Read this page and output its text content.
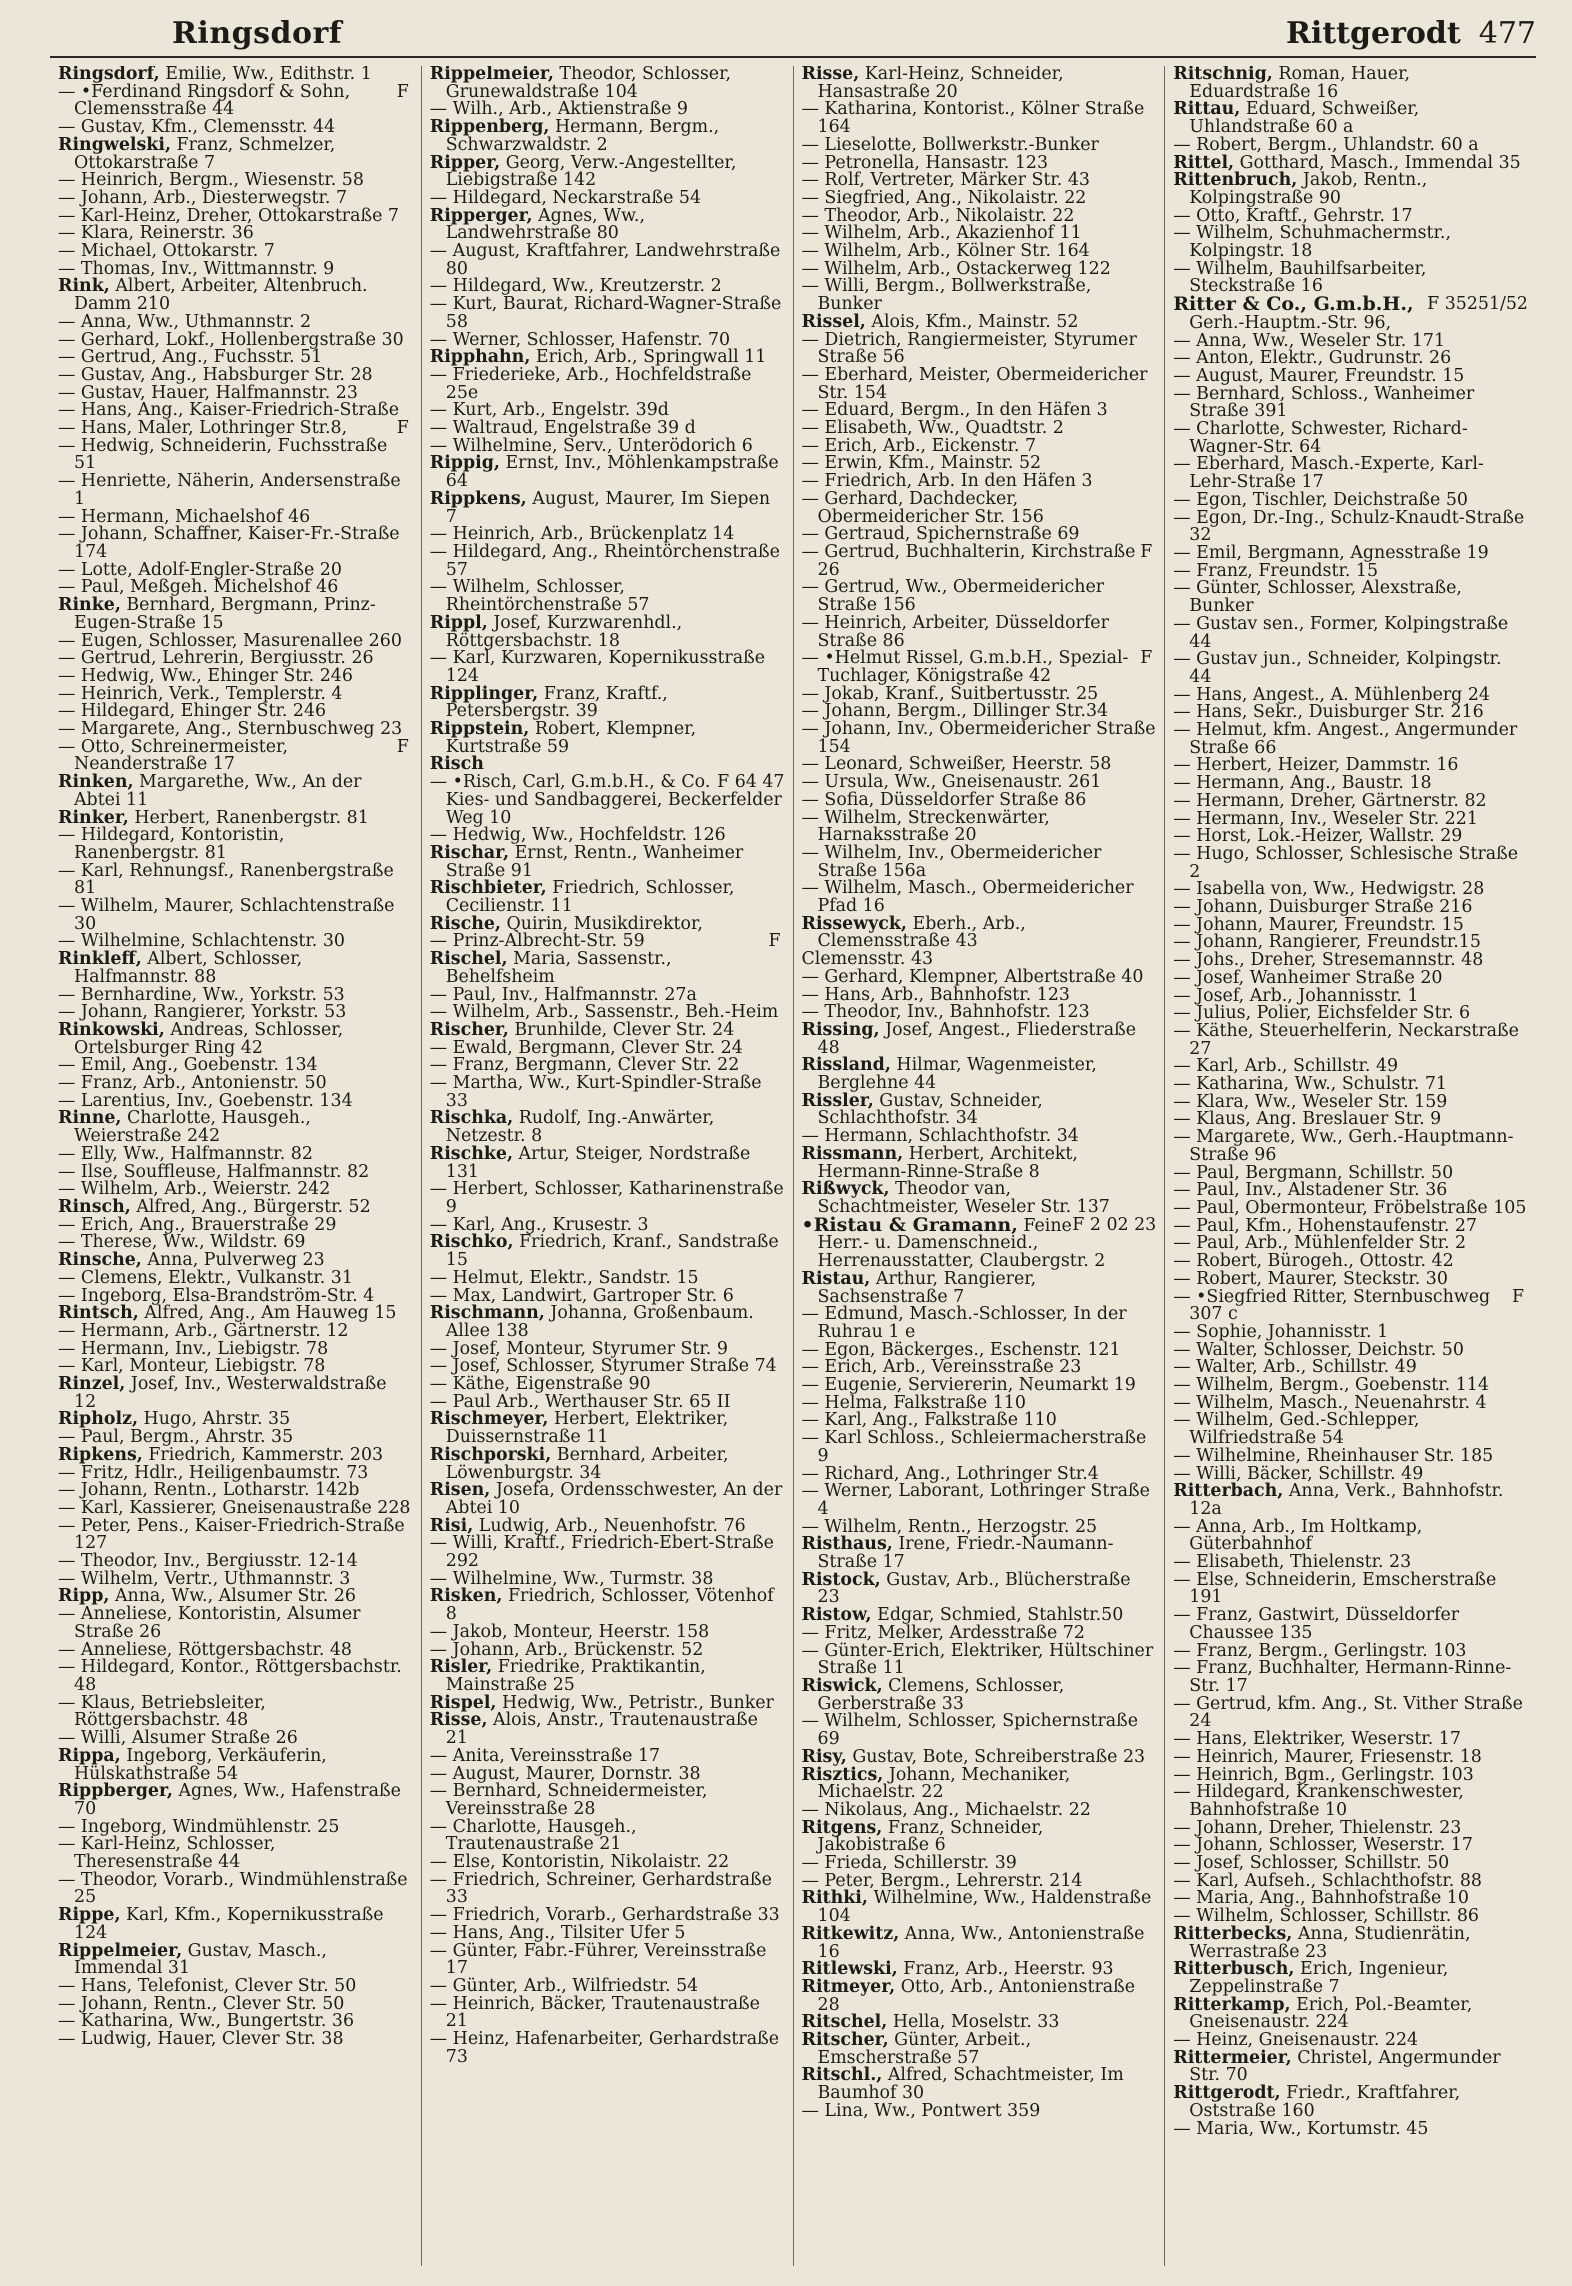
Ringsdorf	Rittgerodt 477

Ringsdorf, Emilie, Ww., Edithstr. 1

F
— •Ferdinand Ringsdorf & Sohn, Clemensstraße 44

— Gustav, Kfm., Clemensstr. 44

Ringwelski, Franz, Schmelzer, Ottokarstraße 7

— Heinrich, Bergm., Wiesenstr. 58

— Johann, Arb., Diesterwegstr. 7

— Karl-Heinz, Dreher, Ottokarstraße 7

— Klara, Reinerstr. 36

— Michael, Ottokarstr. 7

— Thomas, Inv., Wittmannstr. 9

Rink, Albert, Arbeiter, Altenbruch. Damm 210

— Anna, Ww., Uthmannstr. 2

— Gerhard, Lokf., Hollenbergstraße 30

— Gertrud, Ang., Fuchsstr. 51

— Gustav, Ang., Habsburger Str. 28

— Gustav, Hauer, Halfmannstr. 23

— Hans, Ang., Kaiser-Friedrich-Straße

F
— Hans, Maler, Lothringer Str.8,

— Hedwig, Schneiderin, Fuchsstraße 51

— Henriette, Näherin, Andersenstraße 1

— Hermann, Michaelshof 46

— Johann, Schaffner, Kaiser-Fr.-Straße 174

— Lotte, Adolf-Engler-Straße 20

— Paul, Meßgeh. Michelshof 46

Rinke, Bernhard, Bergmann, Prinz-Eugen-Straße 15

— Eugen, Schlosser, Masurenallee 260

— Gertrud, Lehrerin, Bergiusstr. 26

— Hedwig, Ww., Ehinger Str. 246

— Heinrich, Verk., Templerstr. 4

— Hildegard, Ehinger Str. 246

— Margarete, Ang., Sternbuschweg 23

F
— Otto, Schreinermeister, Neanderstraße 17

Rinken, Margarethe, Ww., An der Abtei 11

Rinker, Herbert, Ranenbergstr. 81

— Hildegard, Kontoristin, Ranenbergstr. 81

— Karl, Rehnungsf., Ranenbergstraße 81

— Wilhelm, Maurer, Schlachtenstraße 30

— Wilhelmine, Schlachtenstr. 30

Rinkleff, Albert, Schlosser, Halfmannstr. 88

— Bernhardine, Ww., Yorkstr. 53

— Johann, Rangierer, Yorkstr. 53

Rinkowski, Andreas, Schlosser, Ortelsburger Ring 42

— Emil, Ang., Goebenstr. 134

— Franz, Arb., Antonienstr. 50

— Larentius, Inv., Goebenstr. 134

Rinne, Charlotte, Hausgeh., Weierstraße 242

— Elly, Ww., Halfmannstr. 82

— Ilse, Souffleuse, Halfmannstr. 82

— Wilhelm, Arb., Weierstr. 242

Rinsch, Alfred, Ang., Bürgerstr. 52

— Erich, Ang., Brauerstraße 29

— Therese, Ww., Wildstr. 69

Rinsche, Anna, Pulverweg 23

— Clemens, Elektr., Vulkanstr. 31

— Ingeborg, Elsa-Brandström-Str. 4

Rintsch, Alfred, Ang., Am Hauweg 15

— Hermann, Arb., Gärtnerstr. 12

— Hermann, Inv., Liebigstr. 78

— Karl, Monteur, Liebigstr. 78

Rinzel, Josef, Inv., Westerwaldstraße 12

Ripholz, Hugo, Ahrstr. 35

— Paul, Bergm., Ahrstr. 35

Ripkens, Friedrich, Kammerstr. 203

— Fritz, Hdlr., Heiligenbaumstr. 73

— Johann, Rentn., Lotharstr. 142b

— Karl, Kassierer, Gneisenaustraße 228

— Peter, Pens., Kaiser-Friedrich-Straße 127

— Theodor, Inv., Bergiusstr. 12-14

— Wilhelm, Vertr., Uthmannstr. 3

Ripp, Anna, Ww., Alsumer Str. 26

— Anneliese, Kontoristin, Alsumer Straße 26

— Anneliese, Röttgersbachstr. 48

— Hildegard, Kontor., Röttgersbachstr. 48

— Klaus, Betriebsleiter, Röttgersbachstr. 48

— Willi, Alsumer Straße 26

Rippa, Ingeborg, Verkäuferin, Hülskathstraße 54

Rippberger, Agnes, Ww., Hafenstraße 70

— Ingeborg, Windmühlenstr. 25

— Karl-Heinz, Schlosser, Theresenstraße 44

— Theodor, Vorarb., Windmühlenstraße 25

Rippe, Karl, Kfm., Kopernikusstraße 124

Rippelmeier, Gustav, Masch., Immendal 31

— Hans, Telefonist, Clever Str. 50

— Johann, Rentn., Clever Str. 50

— Katharina, Ww., Bungertstr. 36

— Ludwig, Hauer, Clever Str. 38

Rippelmeier, Theodor, Schlosser, Grunewaldstraße 104

— Wilh., Arb., Aktienstraße 9

Rippenberg, Hermann, Bergm., Schwarzwaldstr. 2

Ripper, Georg, Verw.-Angestellter, Liebigstraße 142

— Hildegard, Neckarstraße 54

Ripperger, Agnes, Ww., Landwehrstraße 80

— August, Kraftfahrer, Landwehrstraße 80

— Hildegard, Ww., Kreutzerstr. 2

— Kurt, Baurat, Richard-Wagner-Straße 58

— Werner, Schlosser, Hafenstr. 70

Ripphahn, Erich, Arb., Springwall 11

— Friederieke, Arb., Hochfeldstraße 25e

— Kurt, Arb., Engelstr. 39d

— Waltraud, Engelstraße 39 d

— Wilhelmine, Serv., Unterödorich 6

Rippig, Ernst, Inv., Möhlenkampstraße 64

Rippkens, August, Maurer, Im Siepen 7

— Heinrich, Arb., Brückenplatz 14

— Hildegard, Ang., Rheintörchenstraße 57

— Wilhelm, Schlosser, Rheintörchenstraße 57

Rippl, Josef, Kurzwarenhdl., Röttgersbachstr. 18

— Karl, Kurzwaren, Kopernikusstraße 124

Ripplinger, Franz, Kraftf., Petersbergstr. 39

Rippstein, Robert, Klempner, Kurtstraße 59

Risch

F 64 47
— •Risch, Carl, G.m.b.H., & Co. Kies- und Sandbaggerei, Beckerfelder Weg 10

— Hedwig, Ww., Hochfeldstr. 126

Rischar, Ernst, Rentn., Wanheimer Straße 91

Rischbieter, Friedrich, Schlosser, Cecilienstr. 11

Rische, Quirin, Musikdirektor,

F
— Prinz-Albrecht-Str. 59

Rischel, Maria, Sassenstr., Behelfsheim

— Paul, Inv., Halfmannstr. 27a

— Wilhelm, Arb., Sassenstr., Beh.-Heim

Rischer, Brunhilde, Clever Str. 24

— Ewald, Bergmann, Clever Str. 24

— Franz, Bergmann, Clever Str. 22

— Martha, Ww., Kurt-Spindler-Straße 33

Rischka, Rudolf, Ing.-Anwärter, Netzestr. 8

Rischke, Artur, Steiger, Nordstraße 131

— Herbert, Schlosser, Katharinenstraße 9

— Karl, Ang., Krusestr. 3

Rischko, Friedrich, Kranf., Sandstraße 15

— Helmut, Elektr., Sandstr. 15

— Max, Landwirt, Gartroper Str. 6

Rischmann, Johanna, Großenbaum. Allee 138

— Josef, Monteur, Styrumer Str. 9

— Josef, Schlosser, Styrumer Straße 74

— Käthe, Eigenstraße 90

— Paul Arb., Werthauser Str. 65 II

Rischmeyer, Herbert, Elektriker, Duissernstraße 11

Rischporski, Bernhard, Arbeiter, Löwenburgstr. 34

Risen, Josefa, Ordensschwester, An der Abtei 10

Risi, Ludwig, Arb., Neuenhofstr. 76

— Willi, Kraftf., Friedrich-Ebert-Straße 292

— Wilhelmine, Ww., Turmstr. 38

Risken, Friedrich, Schlosser, Vötenhof 8

— Jakob, Monteur, Heerstr. 158

— Johann, Arb., Brückenstr. 52

Risler, Friedrike, Praktikantin, Mainstraße 25

Rispel, Hedwig, Ww., Petristr., Bunker

Risse, Alois, Anstr., Trautenaustraße 21

— Anita, Vereinsstraße 17

— August, Maurer, Dornstr. 38

— Bernhard, Schneidermeister, Vereinsstraße 28

— Charlotte, Hausgeh., Trautenaustraße 21

— Else, Kontoristin, Nikolaistr. 22

— Friedrich, Schreiner, Gerhardstraße 33

— Friedrich, Vorarb., Gerhardstraße 33

— Hans, Ang., Tilsiter Ufer 5

— Günter, Fabr.-Führer, Vereinsstraße 17

— Günter, Arb., Wilfriedstr. 54

— Heinrich, Bäcker, Trautenaustraße 21

— Heinz, Hafenarbeiter, Gerhardstraße 73

Risse, Karl-Heinz, Schneider, Hansastraße 20

— Katharina, Kontorist., Kölner Straße 164

— Lieselotte, Bollwerkstr.-Bunker

— Petronella, Hansastr. 123

— Rolf, Vertreter, Märker Str. 43

— Siegfried, Ang., Nikolaistr. 22

— Theodor, Arb., Nikolaistr. 22

— Wilhelm, Arb., Akazienhof 11

— Wilhelm, Arb., Kölner Str. 164

— Wilhelm, Arb., Ostackerweg 122

— Willi, Bergm., Bollwerkstraße, Bunker

Rissel, Alois, Kfm., Mainstr. 52

— Dietrich, Rangiermeister, Styrumer Straße 56

— Eberhard, Meister, Obermeidericher Str. 154

— Eduard, Bergm., In den Häfen 3

— Elisabeth, Ww., Quadtstr. 2

— Erich, Arb., Eickenstr. 7

— Erwin, Kfm., Mainstr. 52

— Friedrich, Arb. In den Häfen 3

— Gerhard, Dachdecker, Obermeidericher Str. 156

— Gertraud, Spichernstraße 69

F
— Gertrud, Buchhalterin, Kirchstraße 26

— Gertrud, Ww., Obermeidericher Straße 156

— Heinrich, Arbeiter, Düsseldorfer Straße 86

F
— •Helmut Rissel, G.m.b.H., Spezial-Tuchlager, Königstraße 42

— Jokab, Kranf., Suitbertusstr. 25

— Johann, Bergm., Dillinger Str.34

— Johann, Inv., Obermeidericher Straße 154

— Leonard, Schweißer, Heerstr. 58

— Ursula, Ww., Gneisenaustr. 261

— Sofia, Düsseldorfer Straße 86

— Wilhelm, Streckenwärter, Harnaksstraße 20

— Wilhelm, Inv., Obermeidericher Straße 156a

— Wilhelm, Masch., Obermeidericher Pfad 16

Rissewyck, Eberh., Arb., Clemensstraße 43

Clemensstr. 43

— Gerhard, Klempner, Albertstraße 40

— Hans, Arb., Bahnhofstr. 123

— Theodor, Inv., Bahnhofstr. 123

Rissing, Josef, Angest., Fliederstraße 48

Rissland, Hilmar, Wagenmeister, Berglehne 44

Rissler, Gustav, Schneider, Schlachthofstr. 34

— Hermann, Schlachthofstr. 34

Rissmann, Herbert, Architekt, Hermann-Rinne-Straße 8

Rißwyck, Theodor van, Schachtmeister, Weseler Str. 137

F 2 02 23
•Ristau & Gramann, Feine Herr.- u. Damenschneid., Herrenausstatter, Claubergstr. 2

Ristau, Arthur, Rangierer, Sachsenstraße 7

— Edmund, Masch.-Schlosser, In der Ruhrau 1 e

— Egon, Bäckerges., Eschenstr. 121

— Erich, Arb., Vereinsstraße 23

— Eugenie, Serviererin, Neumarkt 19

— Helma, Falkstraße 110

— Karl, Ang., Falkstraße 110

— Karl Schloss., Schleiermacherstraße 9

— Richard, Ang., Lothringer Str.4

— Werner, Laborant, Lothringer Straße 4

— Wilhelm, Rentn., Herzogstr. 25

Risthaus, Irene, Friedr.-Naumann-Straße 17

Ristock, Gustav, Arb., Blücherstraße 23

Ristow, Edgar, Schmied, Stahlstr.50

— Fritz, Melker, Ardesstraße 72

— Günter-Erich, Elektriker, Hültschiner Straße 11

Riswick, Clemens, Schlosser, Gerberstraße 33

— Wilhelm, Schlosser, Spichernstraße 69

Risy, Gustav, Bote, Schreiberstraße 23

Risztics, Johann, Mechaniker, Michaelstr. 22

— Nikolaus, Ang., Michaelstr. 22

Ritgens, Franz, Schneider, Jakobistraße 6

— Frieda, Schillerstr. 39

— Peter, Bergm., Lehrerstr. 214

Rithki, Wilhelmine, Ww., Haldenstraße 104

Ritkewitz, Anna, Ww., Antonienstraße 16

Ritlewski, Franz, Arb., Heerstr. 93

Ritmeyer, Otto, Arb., Antonienstraße 28

Ritschel, Hella, Moselstr. 33

Ritscher, Günter, Arbeit., Emscherstraße 57

Ritschl., Alfred, Schachtmeister, Im Baumhof 30

— Lina, Ww., Pontwert 359

Ritschnig, Roman, Hauer, Eduardstraße 16

Rittau, Eduard, Schweißer, Uhlandstraße 60 a

— Robert, Bergm., Uhlandstr. 60 a

Rittel, Gotthard, Masch., Immendal 35

Rittenbruch, Jakob, Rentn., Kolpingstraße 90

— Otto, Kraftf., Gehrstr. 17

— Wilhelm, Schuhmachermstr., Kolpingstr. 18

— Wilhelm, Bauhilfsarbeiter, Steckstraße 16

F 35251/52
Ritter & Co., G.m.b.H., Gerh.-Hauptm.-Str. 96,

— Anna, Ww., Weseler Str. 171

— Anton, Elektr., Gudrunstr. 26

— August, Maurer, Freundstr. 15

— Bernhard, Schloss., Wanheimer Straße 391

— Charlotte, Schwester, Richard-Wagner-Str. 64

— Eberhard, Masch.-Experte, Karl-Lehr-Straße 17

— Egon, Tischler, Deichstraße 50

— Egon, Dr.-Ing., Schulz-Knaudt-Straße 32

— Emil, Bergmann, Agnesstraße 19

— Franz, Freundstr. 15

— Günter, Schlosser, Alexstraße, Bunker

— Gustav sen., Former, Kolpingstraße 44

— Gustav jun., Schneider, Kolpingstr. 44

— Hans, Angest., A. Mühlenberg 24

— Hans, Sekr., Duisburger Str. 216

— Helmut, kfm. Angest., Angermunder Straße 66

— Herbert, Heizer, Dammstr. 16

— Hermann, Ang., Baustr. 18

— Hermann, Dreher, Gärtnerstr. 82

— Hermann, Inv., Weseler Str. 221

— Horst, Lok.-Heizer, Wallstr. 29

— Hugo, Schlosser, Schlesische Straße 2

— Isabella von, Ww., Hedwigstr. 28

— Johann, Duisburger Straße 216

— Johann, Maurer, Freundstr. 15

— Johann, Rangierer, Freundstr.15

— Johs., Dreher, Stresemannstr. 48

— Josef, Wanheimer Straße 20

— Josef, Arb., Johannisstr. 1

— Julius, Polier, Eichsfelder Str. 6

— Käthe, Steuerhelferin, Neckarstraße 27

— Karl, Arb., Schillstr. 49

— Katharina, Ww., Schulstr. 71

— Klara, Ww., Weseler Str. 159

— Klaus, Ang. Breslauer Str. 9

— Margarete, Ww., Gerh.-Hauptmann-Straße 96

— Paul, Bergmann, Schillstr. 50

— Paul, Inv., Alstadener Str. 36

— Paul, Obermonteur, Fröbelstraße 105

— Paul, Kfm., Hohenstaufenstr. 27

— Paul, Arb., Mühlenfelder Str. 2

— Robert, Bürogeh., Ottostr. 42

— Robert, Maurer, Steckstr. 30

F
— •Siegfried Ritter, Sternbuschweg 307 c

— Sophie, Johannisstr. 1

— Walter, Schlosser, Deichstr. 50

— Walter, Arb., Schillstr. 49

— Wilhelm, Bergm., Goebenstr. 114

— Wilhelm, Masch., Neuenahrstr. 4

— Wilhelm, Ged.-Schlepper, Wilfriedstraße 54

— Wilhelmine, Rheinhauser Str. 185

— Willi, Bäcker, Schillstr. 49

Ritterbach, Anna, Verk., Bahnhofstr. 12a

— Anna, Arb., Im Holtkamp, Güterbahnhof

— Elisabeth, Thielenstr. 23

— Else, Schneiderin, Emscherstraße 191

— Franz, Gastwirt, Düsseldorfer Chaussee 135

— Franz, Bergm., Gerlingstr. 103

— Franz, Buchhalter, Hermann-Rinne-Str. 17

— Gertrud, kfm. Ang., St. Vither Straße 24

— Hans, Elektriker, Weserstr. 17

— Heinrich, Maurer, Friesenstr. 18

— Heinrich, Bgm., Gerlingstr. 103

— Hildegard, Krankenschwester, Bahnhofstraße 10

— Johann, Dreher, Thielenstr. 23

— Johann, Schlosser, Weserstr. 17

— Josef, Schlosser, Schillstr. 50

— Karl, Aufseh., Schlachthofstr. 88

— Maria, Ang., Bahnhofstraße 10

— Wilhelm, Schlosser, Schillstr. 86

Ritterbecks, Anna, Studienrätin, Werrastraße 23

Ritterbusch, Erich, Ingenieur, Zeppelinstraße 7

Ritterkamp, Erich, Pol.-Beamter, Gneisenaustr. 224

— Heinz, Gneisenaustr. 224

Rittermeier, Christel, Angermunder Str. 70

Rittgerodt, Friedr., Kraftfahrer, Oststraße 160

— Maria, Ww., Kortumstr. 45
